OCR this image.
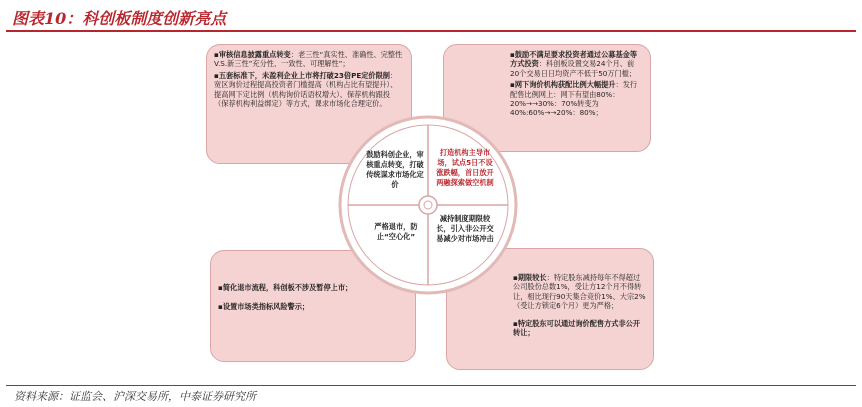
图表10：科创板制度创新亮点
▪审核信息披露重点转变：老三性“真实性、准确性、完整性V.S.新三性”充分性、一致性、可理解性”；
▪五套标准下，未盈利企业上市将打破23倍PE定价限制：宽区询价过程提高投资者门槛提高（机构占比有望提升）、提高网下定比例（机构询价话语权增大）、保荐机构跟投（保荐机构利益绑定）等方式，课求市场化合理定价。
▪鼓励不满足要求投资者通过公募基金等方式投资：科创板设置交易24个月、前20个交易日日均资产不低于50万门槛；
▪网下询价机构获配比例大幅提升：发行配售比例网上：网下有望由80%：20%→→30%：70%转变为40%:60%→→20%：80%；
▪简化退市流程，科创板不涉及暂停上市；
▪设置市场类指标风险警示；
▪期限较长：特定股东减持每年不得超过公司股份总数1%，受让方12个月不得转让，相比现行90天集合竞价1%、大宗2%（受让方锁定6个月）更为严格；
▪特定股东可以通过询价配售方式非公开转让；
鼓励科创企业，审核重点转变，打破传统谋求市场化定价
打造机构主导市场，试点5日不设涨跌幅，首日放开两融探索做空机制
严格退市，防止“空心化”
减持制度期限较长，引入非公开交易减少对市场冲击
资料来源：证监会、沪深交易所，中泰证券研究所
